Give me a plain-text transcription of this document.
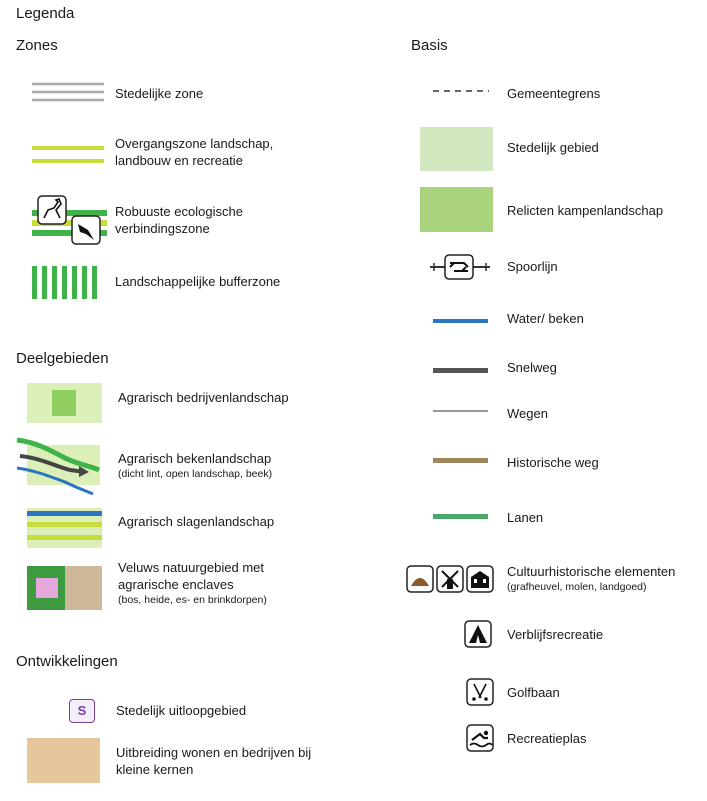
Legenda
Zones
Stedelijke zone
Overgangszone landschap, landbouw en recreatie
Robuuste ecologische verbindingszone
Landschappelijke bufferzone
Deelgebieden
Agrarisch bedrijvenlandschap
Agrarisch bekenlandschap
(dicht lint, open landschap, beek)
Agrarisch slagenlandschap
Veluws natuurgebied met agrarische enclaves
(bos, heide, es- en brinkdorpen)
Ontwikkelingen
S	Stedelijk uitloopgebied
Uitbreiding wonen en bedrijven bij kleine kernen
Basis
Gemeentegrens
Stedelijk gebied
Relicten kampenlandschap
Spoorlijn
Water/ beken
Snelweg
Wegen
Historische weg
Lanen
Cultuurhistorische elementen
(grafheuvel, molen, landgoed)
Verblijfsrecreatie
Golfbaan
Recreatieplas
